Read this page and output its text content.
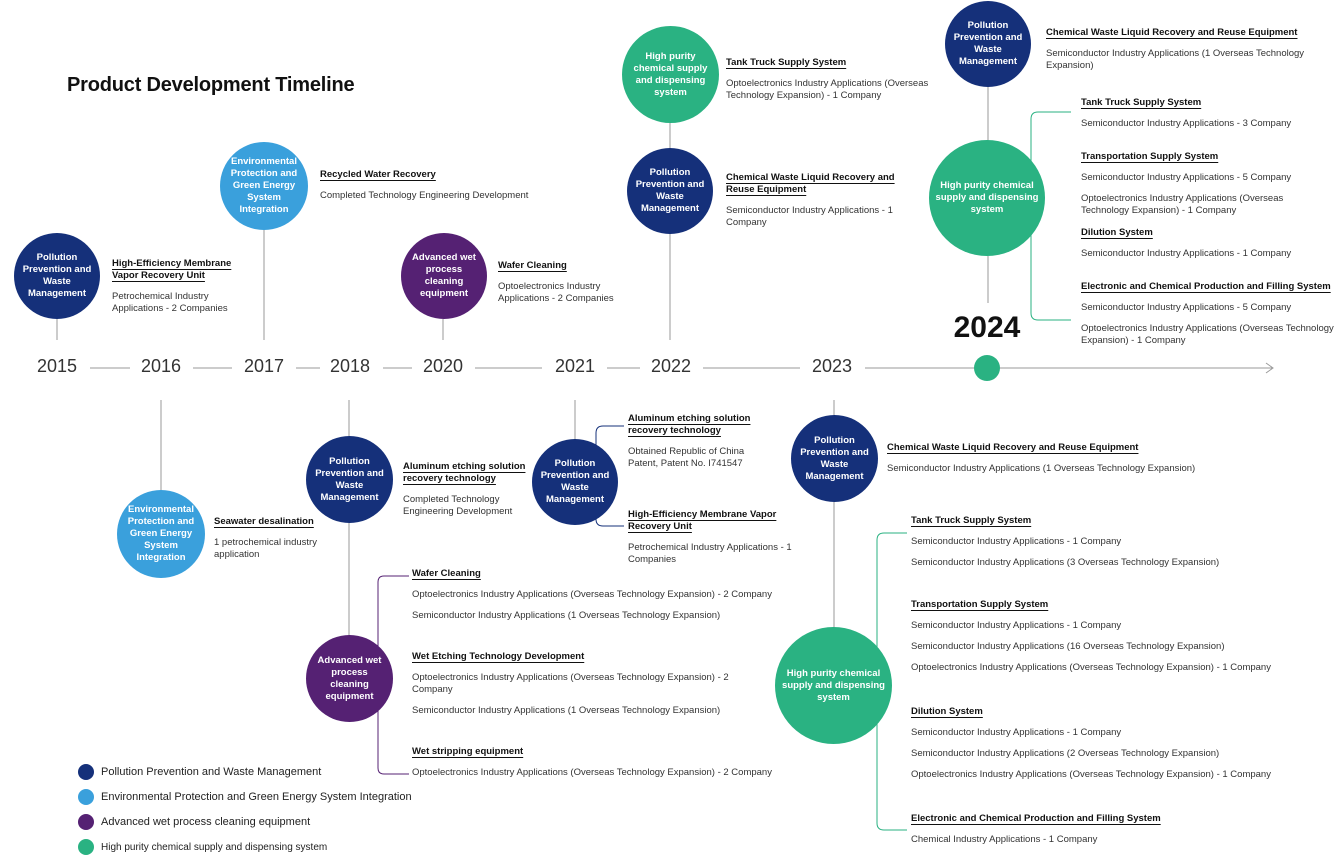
Product Development Timeline
2015	2016	2017	2018	2020	2021	2022	2023
2024
Pollution Prevention and Waste Management
Environmental Protection and Green Energy System Integration
Environmental Protection and Green Energy System Integration
Pollution Prevention and Waste Management
Advanced wet process cleaning equipment
Advanced wet process cleaning equipment
Pollution Prevention and Waste Management
High purity chemical supply and dispensing system
Pollution Prevention and Waste Management
Pollution Prevention and Waste Management
High purity chemical supply and dispensing system
Pollution Prevention and Waste Management
High purity chemical supply and dispensing system
High-Efficiency Membrane Vapor Recovery Unit
Petrochemical Industry Applications - 2 Companies
Seawater desalination
1 petrochemical industry application
Recycled Water Recovery
Completed Technology Engineering Development
Aluminum etching solution recovery technology
Completed Technology Engineering Development
Wafer Cleaning
Optoelectronics Industry Applications (Overseas Technology Expansion) - 2 Company
Semiconductor Industry Applications (1 Overseas Technology Expansion)
Wet Etching Technology Development
Optoelectronics Industry Applications (Overseas Technology Expansion) - 2 Company
Semiconductor Industry Applications (1 Overseas Technology Expansion)
Wet stripping equipment
Optoelectronics Industry Applications (Overseas Technology Expansion) - 2 Company
Wafer Cleaning
Optoelectronics Industry Applications - 2 Companies
Aluminum etching solution recovery technology
Obtained Republic of China Patent, Patent No. I741547
High-Efficiency Membrane Vapor Recovery Unit
Petrochemical Industry Applications - 1 Companies
Tank Truck Supply System
Optoelectronics Industry Applications (Overseas Technology Expansion) - 1 Company
Chemical Waste Liquid Recovery and Reuse Equipment
Semiconductor Industry Applications - 1 Company
Chemical Waste Liquid Recovery and Reuse Equipment
Semiconductor Industry Applications (1 Overseas Technology Expansion)
Tank Truck Supply System
Semiconductor Industry Applications - 1 Company
Semiconductor Industry Applications (3 Overseas Technology Expansion)
Transportation Supply System
Semiconductor Industry Applications - 1 Company
Semiconductor Industry Applications (16 Overseas Technology Expansion)
Optoelectronics Industry Applications (Overseas Technology Expansion) - 1 Company
Dilution System
Semiconductor Industry Applications - 1 Company
Semiconductor Industry Applications (2 Overseas Technology Expansion)
Optoelectronics Industry Applications (Overseas Technology Expansion) - 1 Company
Electronic and Chemical Production and Filling System
Chemical Industry Applications - 1 Company
Chemical Waste Liquid Recovery and Reuse Equipment
Semiconductor Industry Applications (1 Overseas Technology Expansion)
Tank Truck Supply System
Semiconductor Industry Applications - 3 Company
Transportation Supply System
Semiconductor Industry Applications - 5 Company
Optoelectronics Industry Applications (Overseas Technology Expansion) - 1 Company
Dilution System
Semiconductor Industry Applications - 1 Company
Electronic and Chemical Production and Filling System
Semiconductor Industry Applications - 5 Company
Optoelectronics Industry Applications (Overseas Technology Expansion) - 1 Company
Pollution Prevention and Waste Management
Environmental Protection and Green Energy System Integration
Advanced wet process cleaning equipment
High purity chemical supply and dispensing system
